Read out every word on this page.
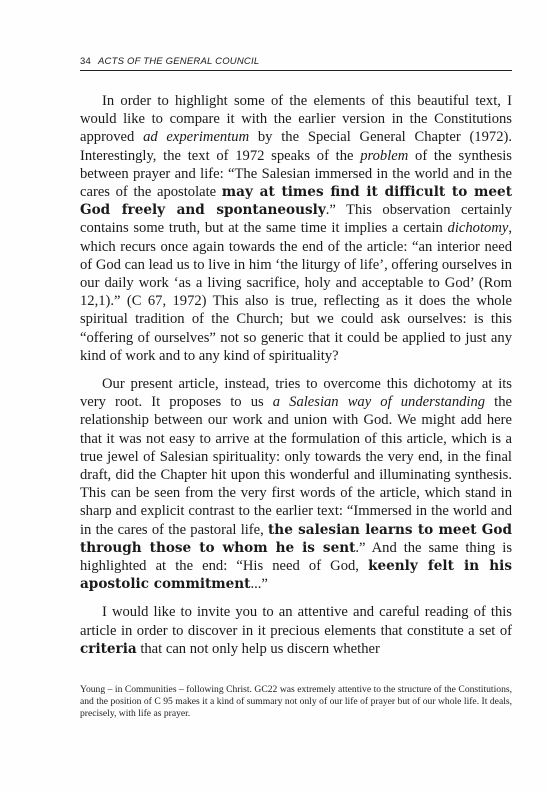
34 ACTS OF THE GENERAL COUNCIL

In order to highlight some of the elements of this beautiful text, I would like to compare it with the earlier version in the Constitutions approved ad experimentum by the Special General Chapter (1972). Interestingly, the text of 1972 speaks of the problem of the synthesis between prayer and life: “The Salesian immersed in the world and in the cares of the apostolate may at times find it difficult to meet God freely and spontaneously.” This observation certainly contains some truth, but at the same time it implies a certain dichotomy, which recurs once again towards the end of the article: “an interior need of God can lead us to live in him ‘the liturgy of life’, offering ourselves in our daily work ‘as a living sacrifice, holy and acceptable to God’ (Rom 12,1).” (C 67, 1972) This also is true, reflecting as it does the whole spiritual tradition of the Church; but we could ask ourselves: is this “offering of ourselves” not so generic that it could be applied to just any kind of work and to any kind of spirituality?

Our present article, instead, tries to overcome this dichotomy at its very root. It proposes to us a Salesian way of understanding the relationship between our work and union with God. We might add here that it was not easy to arrive at the formulation of this article, which is a true jewel of Salesian spirituality: only towards the very end, in the final draft, did the Chapter hit upon this wonderful and illuminating synthesis. This can be seen from the very first words of the article, which stand in sharp and explicit contrast to the earlier text: “Immersed in the world and in the cares of the pastoral life, the salesian learns to meet God through those to whom he is sent.” And the same thing is highlighted at the end: “His need of God, keenly felt in his apostolic commitment...”

I would like to invite you to an attentive and careful reading of this article in order to discover in it precious elements that constitute a set of criteria that can not only help us discern whether

Young – in Communities – following Christ. GC22 was extremely attentive to the structure of the Constitutions, and the position of C 95 makes it a kind of summary not only of our life of prayer but of our whole life. It deals, precisely, with life as prayer.
